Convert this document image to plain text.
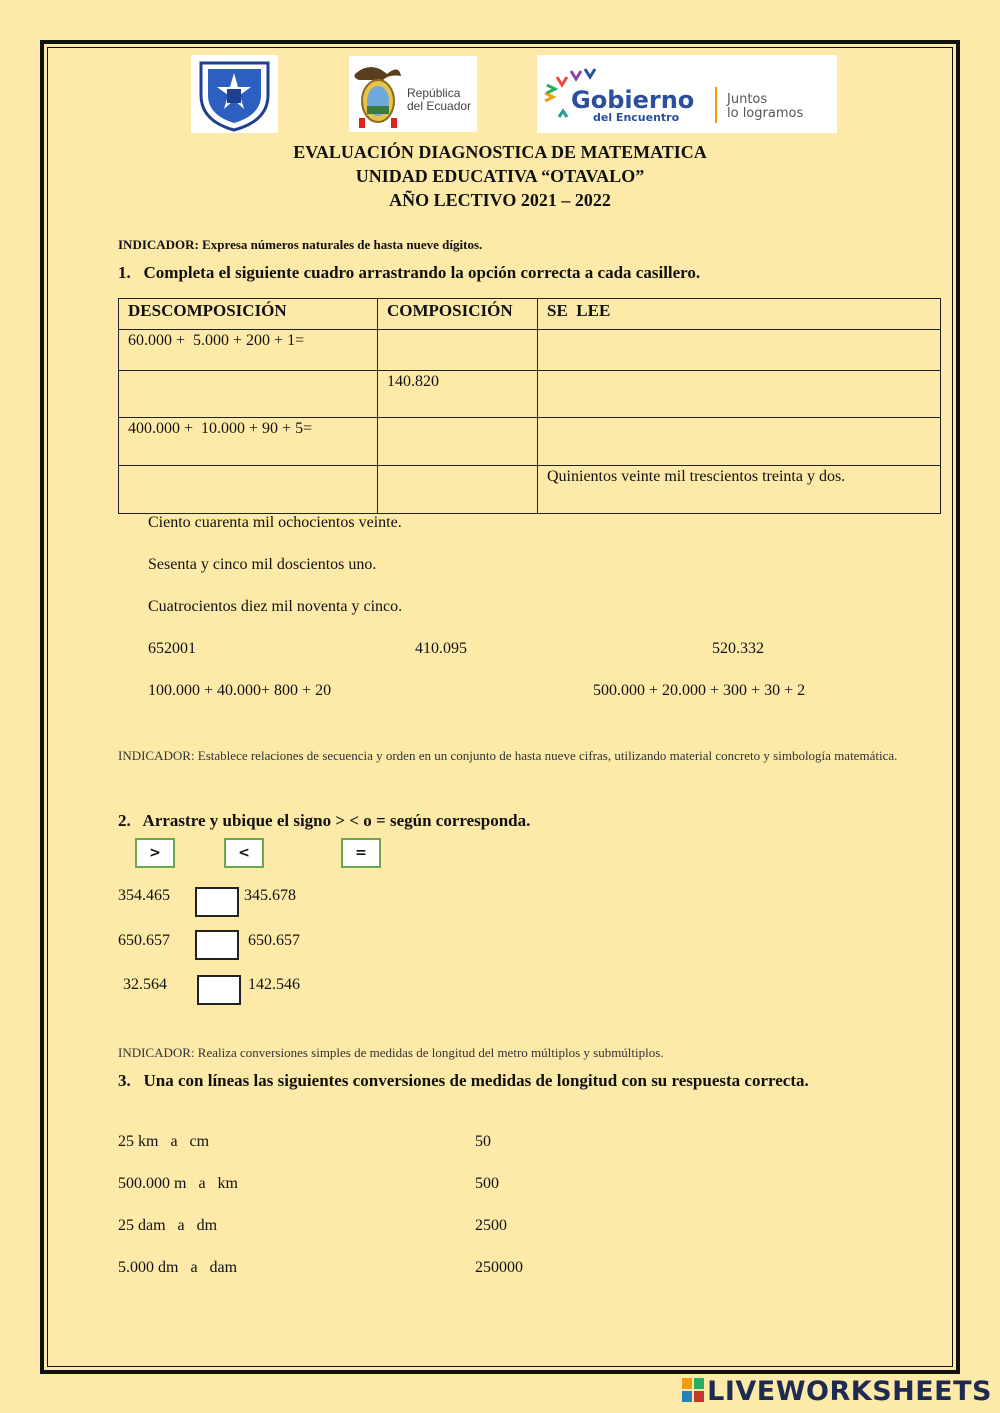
República
del Ecuador	Gobierno
del Encuentro
Juntos
lo logramos
EVALUACIÓN DIAGNOSTICA DE MATEMATICA
UNIDAD EDUCATIVA “OTAVALO”
AÑO LECTIVO 2021 – 2022
INDICADOR: Expresa números naturales de hasta nueve dígitos.
1.   Completa el siguiente cuadro arrastrando la opción correcta a cada casillero.
DESCOMPOSICIÓN	COMPOSICIÓN	SE  LEE
60.000 +  5.000 + 200 + 1=		
	140.820	
400.000 +  10.000 + 90 + 5=		
		Quinientos veinte mil trescientos treinta y dos.
Ciento cuarenta mil ochocientos veinte.
Sesenta y cinco mil doscientos uno.
Cuatrocientos diez mil noventa y cinco.
652001	410.095	520.332
100.000 + 40.000+ 800 + 20	500.000 + 20.000 + 300 + 30 + 2
INDICADOR: Establece relaciones de secuencia y orden en un conjunto de hasta nueve cifras, utilizando material concreto y simbología matemática.
2.   Arrastre y ubique el signo > < o = según corresponda.
>	<	=
354.465	345.678
650.657	650.657
32.564	142.546
INDICADOR: Realiza conversiones simples de medidas de longitud del metro múltiplos y submúltiplos.
3.   Una con líneas las siguientes conversiones de medidas de longitud con su respuesta correcta.
25 km   a   cm	50
500.000 m   a   km	500
25 dam   a   dm	2500
5.000 dm   a   dam	250000
LIVEWORKSHEETS
